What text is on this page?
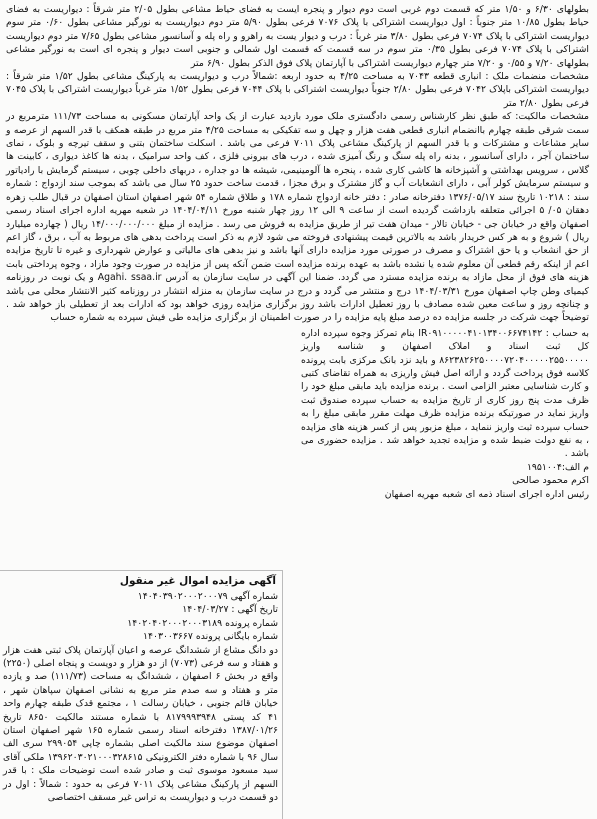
بطولهای ۶/۳۰ و ۱/۵۰ متر که قسمت دوم غربی است دوم دیوار و پنجره ایست به فضای حیاط مشاعی بطول ۲/۰۵ متر شرقاً : دیواریست به فضای حیاط بطول ۱۰/۸۵ متر جنوباً : اول دیواریست اشتراکی با پلاک ۷۰۷۶ فرعی بطول ۵/۹۰ متر دوم دیواریست به نورگیر مشاعی بطول ۰/۶۰ متر سوم دیواریست اشتراکی با پلاک ۷۰۷۴ فرعی بطول ۳/۸۰ متر غرباً : درب و دیوار یست به راهرو و راه پله و آسانسور مشاعی بطول ۷/۶۵ متر دوم دیواریست اشتراکی با پلاک ۷۰۷۴ فرعی بطول ۰/۳۵ متر سوم در سه قسمت که قسمت اول شمالی و جنوبی است دیوار و پنجره ای است به نورگیر مشاعی بطولهای ۷/۲۰ و ۰/۵۵ و ۷/۲۰ متر چهارم دیواریست اشتراکی با آپارتمان پلاک فوق الذکر بطول ۶/۹۰ متر

مشخصات منضمات ملک : انباری قطعه ۷۰۴۳ به مساحت ۴/۲۵ به حدود اربعه :شمالاً درب و دیواریست به پارکینگ مشاعی بطول ۱/۵۲ متر شرقاً : دیواریست اشتراکی باپلاک ۷۰۴۲ فرعی بطول ۲/۸۰ جنوباً دیواریست اشتراکی با پلاک ۷۰۴۴ فرعی بطول ۱/۵۲ متر غرباً دیواریست اشتراکی با پلاک ۷۰۴۵ فرعی بطول ۲/۸۰ متر

مشخصات مالکیت: که طبق نظر کارشناس رسمی دادگستری ملک مورد بازدید عبارت از یک واحد آپارتمان مسکونی به مساحت ۱۱۱/۷۳ مترمربع در سمت شرقی طبقه چهارم باانضمام انباری قطعی هفت هزار و چهل و سه تفکیکی به مساحت ۴/۲۵ متر مربع در طبقه همکف با قدر السهم از عرصه و سایر مشاعات و مشترکات و با قدر السهم از پارکینگ مشاعی پلاک ۷۰۱۱ فرعی می باشد . اسکلت ساختمان بتنی و سقف تیرچه و بلوک ، نمای ساختمان آجر ، دارای آسانسور ، بدنه راه پله سنگ و رنگ آمیزی شده ، درب های بیرونی فلزی ، کف واحد سرامیک ، بدنه ها کاغذ دیواری ، کابینت ها گلاس ، سرویس بهداشتی و آشپزخانه ها کاشی کاری شده ، پنجره ها آلومینیمی، شیشه ها دو جداره ، دربهای داخلی چوبی ، سیستم گرمایش با رادیاتور و سیستم سرمایش کولر آبی ، دارای انشعابات آب و گاز مشترک و برق مجزا ، قدمت ساخت حدود ۲۵ سال می باشد که بموجب سند ازدواج : شماره سند : ۱۰۲۱۸ تاریخ سند ۱۳۷۶/۰۵/۱۷ دفترخانه صادر : دفتر خانه ازدواج شماره ۱۷۸ و طلاق شماره ۵۴ شهر اصفهان استان اصفهان در قبال طلب زهره دهقان ۰۵/ ۵ اجرائی متعلقه بازداشت گردیده است از ساعت ۹ الی ۱۲ روز چهار شنبه مورخ ۱۴۰۴/۰۴/۱۱ در شعبه مهریه اداره اجرای اسناد رسمی اصفهان واقع در خیابان جی - خیابان تالار - میدان هفت تیر از طریق مزایده به فروش می رسد . مزایده از مبلغ ۱۴/۰۰۰/۰۰۰/۰۰۰ ریال ( چهارده میلیارد ریال ) شروع و به هر کس خریدار باشد به بالاترین قیمت پیشنهادی فروخته می شود لازم به ذکر است پرداخت بدهی های مربوط به آب ، برق ، گاز اعم از حق انشعاب و یا حق اشتراک و مصرف در صورتی مورد مزایده دارای آنها باشد و نیز بدهی های مالیاتی و عوارض شهرداری و غیره تا تاریخ مزایده اعم از اینکه رقم قطعی آن معلوم شده یا نشده باشد به عهده برنده مزایده است ضمن آنکه پس از مزایده در صورت وجود مازاد ، وجوه پرداختی بابت هزینه های فوق از محل مازاد به برنده مزایده مسترد می گردد. ضمنا این آگهی در سایت سازمان به آدرس Agahi. ssaa.ir و یک نوبت در روزنامه کیمیای وطن چاپ اصفهان مورخ ۱۴۰۴/۰۳/۳۱ درج و منتشر می گردد و درج در سایت سازمان به منزله انتشار در روزنامه کثیر الانتشار محلی می باشد و چنانچه روز و ساعت معین شده مصادف با روز تعطیل ادارات باشد روز برگزاری مزایده روزی خواهد بود که ادارات بعد از تعطیلی باز خواهد شد . توضیحاً جهت شرکت در جلسه مزایده ده درصد مبلغ پایه مزایده را در صورت اطمینان از برگزاری مزایده طی فیش سپرده به شماره حساب

به حساب : IR۰۹۱۰۰۰۰۰۴۱۰۱۳۴۰۰۶۶۷۴۱۴۲ بنام تمرکز وجوه سپرده اداره کل ثبت اسناد و املاک اصفهان و شناسه واریز ۸۶۲۳۸۲۶۲۵۰۰۰۰۷۲۰۴۰۰۰۰۰۲۵۵۰۰۰۰۰ و باید نزد بانک مرکزی بابت پرونده کلاسه فوق پرداخت گردد و ارائه اصل فیش واریزی به همراه تقاضای کتبی و کارت شناسایی معتبر الزامی است . برنده مزایده باید مابقی مبلغ خود را ظرف مدت پنج روز کاری از تاریخ مزایده به حساب سپرده صندوق ثبت واریز نماید در صورتیکه برنده مزایده ظرف مهلت مقرر مابقی مبلغ را به حساب سپرده ثبت واریز ننماید ، مبلغ مزبور پس از کسر هزینه های مزایده ، به نفع دولت ضبط شده و مزایده تجدید خواهد شد . مزایده حضوری می باشد .

م الف:۱۹۵۱۰۰۴

اکرم محمود صالحی

رئیس اداره اجرای اسناد ذمه ای شعبه مهریه اصفهان

آگهی مزایده اموال غیر منقول

شماره آگهی ۱۴۰۴۰۳۹۰۲۰۰۰۲۰۰۰۷۹

تاریخ آگهی : ۱۴۰۴/۰۳/۲۷

شماره پرونده ۱۴۰۲۰۴۰۲۰۰۰۲۰۰۰۳۱۸۹

شماره بایگانی پرونده ۱۴۰۳۰۰۳۶۶۷

دو دانگ مشاع از ششدانگ عرصه و اعیان آپارتمان پلاک ثبتی هفت هزار و هفتاد و سه فرعی (۷۰۷۳) از دو هزار و دویست و پنجاه اصلی (۲۲۵۰) واقع در بخش ۶ اصفهان ، ششدانگ به مساحت (۱۱۱/۷۳) صد و یازده متر و هفتاد و سه صدم متر مربع به نشانی اصفهان سپاهان شهر ، خیابان قائم جنوبی ، خیابان رسالت ۱ ، مجتمع قدک طبقه چهارم واحد ۴۱ کد پستی ۸۱۷۹۹۹۳۹۴۸ با شماره مستند مالکیت ۸۶۵۰ تاریخ ۱۳۸۷/۰۱/۲۶ دفترخانه اسناد رسمی شماره ۱۶۵ شهر اصفهان استان اصفهان موضوع سند مالکیت اصلی بشماره چاپی ۲۹۹۰۵۴ سری الف سال ۹۶ با شماره دفتر الکترونیکی ۱۳۹۶۲۰۳۰۲۱۰۰۰۳۲۸۶۱۵ ملکی آقای سید مسعود موسوی ثبت و صادر شده است توضیحات ملک : با قدر السهم از پارکینگ مشاعی پلاک ۷۰۱۱ فرعی به حدود : شمالاً : اول در دو قسمت درب و دیواریست به تراس غیر مسقف اختصاصی
